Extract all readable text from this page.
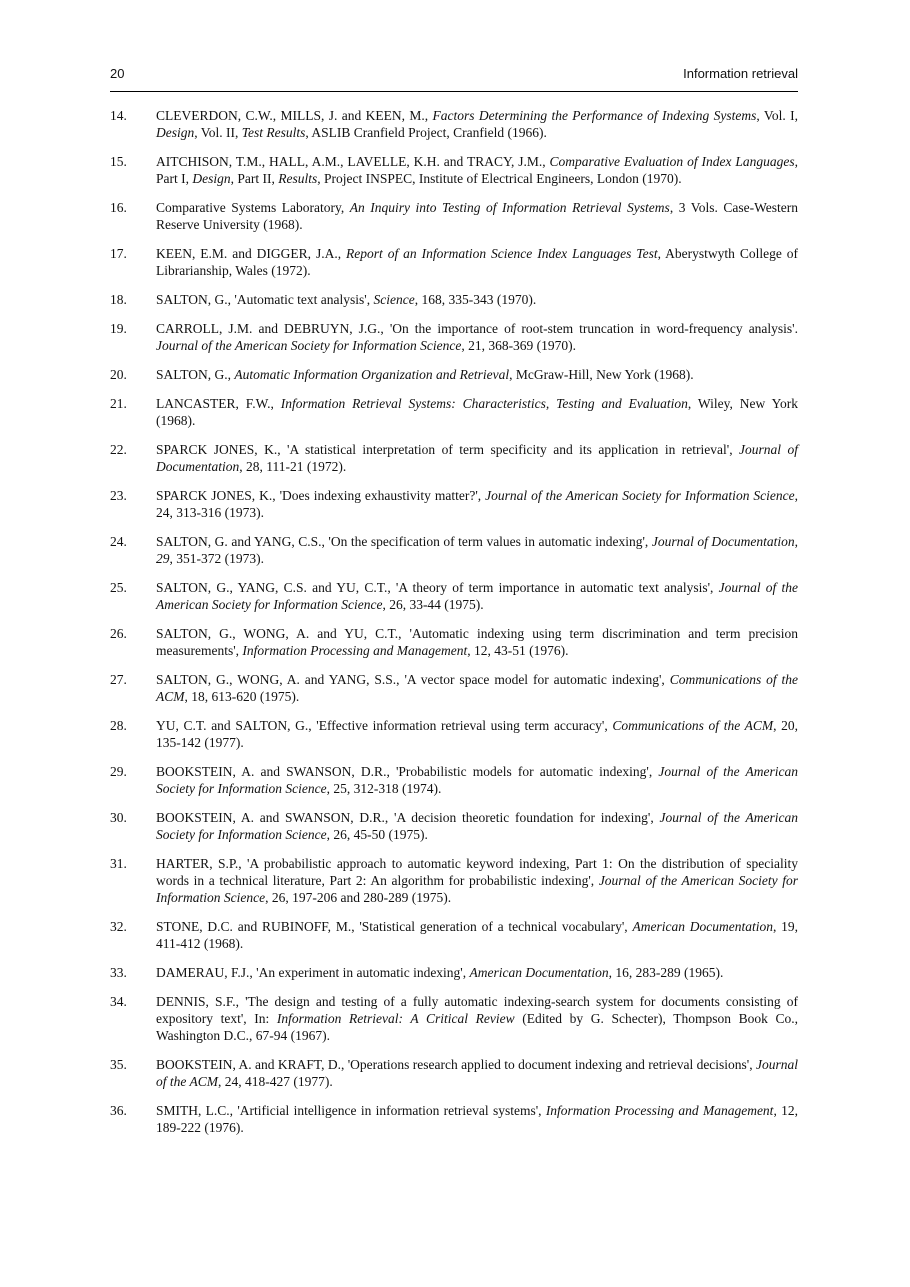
20	Information retrieval
14.	CLEVERDON, C.W., MILLS, J. and KEEN, M., Factors Determining the Performance of Indexing Systems, Vol. I, Design, Vol. II, Test Results, ASLIB Cranfield Project, Cranfield (1966).
15.	AITCHISON, T.M., HALL, A.M., LAVELLE, K.H. and TRACY, J.M., Comparative Evaluation of Index Languages, Part I, Design, Part II, Results, Project INSPEC, Institute of Electrical Engineers, London (1970).
16.	Comparative Systems Laboratory, An Inquiry into Testing of Information Retrieval Systems, 3 Vols. Case-Western Reserve University (1968).
17.	KEEN, E.M. and DIGGER, J.A., Report of an Information Science Index Languages Test, Aberystwyth College of Librarianship, Wales (1972).
18.	SALTON, G., 'Automatic text analysis', Science, 168, 335-343 (1970).
19.	CARROLL, J.M. and DEBRUYN, J.G., 'On the importance of root-stem truncation in word-frequency analysis'. Journal of the American Society for Information Science, 21, 368-369 (1970).
20.	SALTON, G., Automatic Information Organization and Retrieval, McGraw-Hill, New York (1968).
21.	LANCASTER, F.W., Information Retrieval Systems: Characteristics, Testing and Evaluation, Wiley, New York (1968).
22.	SPARCK JONES, K., 'A statistical interpretation of term specificity and its application in retrieval', Journal of Documentation, 28, 111-21 (1972).
23.	SPARCK JONES, K., 'Does indexing exhaustivity matter?', Journal of the American Society for Information Science, 24, 313-316 (1973).
24.	SALTON, G. and YANG, C.S., 'On the specification of term values in automatic indexing', Journal of Documentation, 29, 351-372 (1973).
25.	SALTON, G., YANG, C.S. and YU, C.T., 'A theory of term importance in automatic text analysis', Journal of the American Society for Information Science, 26, 33-44 (1975).
26.	SALTON, G., WONG, A. and YU, C.T., 'Automatic indexing using term discrimination and term precision measurements', Information Processing and Management, 12, 43-51 (1976).
27.	SALTON, G., WONG, A. and YANG, S.S., 'A vector space model for automatic indexing', Communications of the ACM, 18, 613-620 (1975).
28.	YU, C.T. and SALTON, G., 'Effective information retrieval using term accuracy', Communications of the ACM, 20, 135-142 (1977).
29.	BOOKSTEIN, A. and SWANSON, D.R., 'Probabilistic models for automatic indexing', Journal of the American Society for Information Science, 25, 312-318 (1974).
30.	BOOKSTEIN, A. and SWANSON, D.R., 'A decision theoretic foundation for indexing', Journal of the American Society for Information Science, 26, 45-50 (1975).
31.	HARTER, S.P., 'A probabilistic approach to automatic keyword indexing, Part 1: On the distribution of speciality words in a technical literature, Part 2: An algorithm for probabilistic indexing', Journal of the American Society for Information Science, 26, 197-206 and 280-289 (1975).
32.	STONE, D.C. and RUBINOFF, M., 'Statistical generation of a technical vocabulary', American Documentation, 19, 411-412 (1968).
33.	DAMERAU, F.J., 'An experiment in automatic indexing', American Documentation, 16, 283-289 (1965).
34.	DENNIS, S.F., 'The design and testing of a fully automatic indexing-search system for documents consisting of expository text', In: Information Retrieval: A Critical Review (Edited by G. Schecter), Thompson Book Co., Washington D.C., 67-94 (1967).
35.	BOOKSTEIN, A. and KRAFT, D., 'Operations research applied to document indexing and retrieval decisions', Journal of the ACM, 24, 418-427 (1977).
36.	SMITH, L.C., 'Artificial intelligence in information retrieval systems', Information Processing and Management, 12, 189-222 (1976).
